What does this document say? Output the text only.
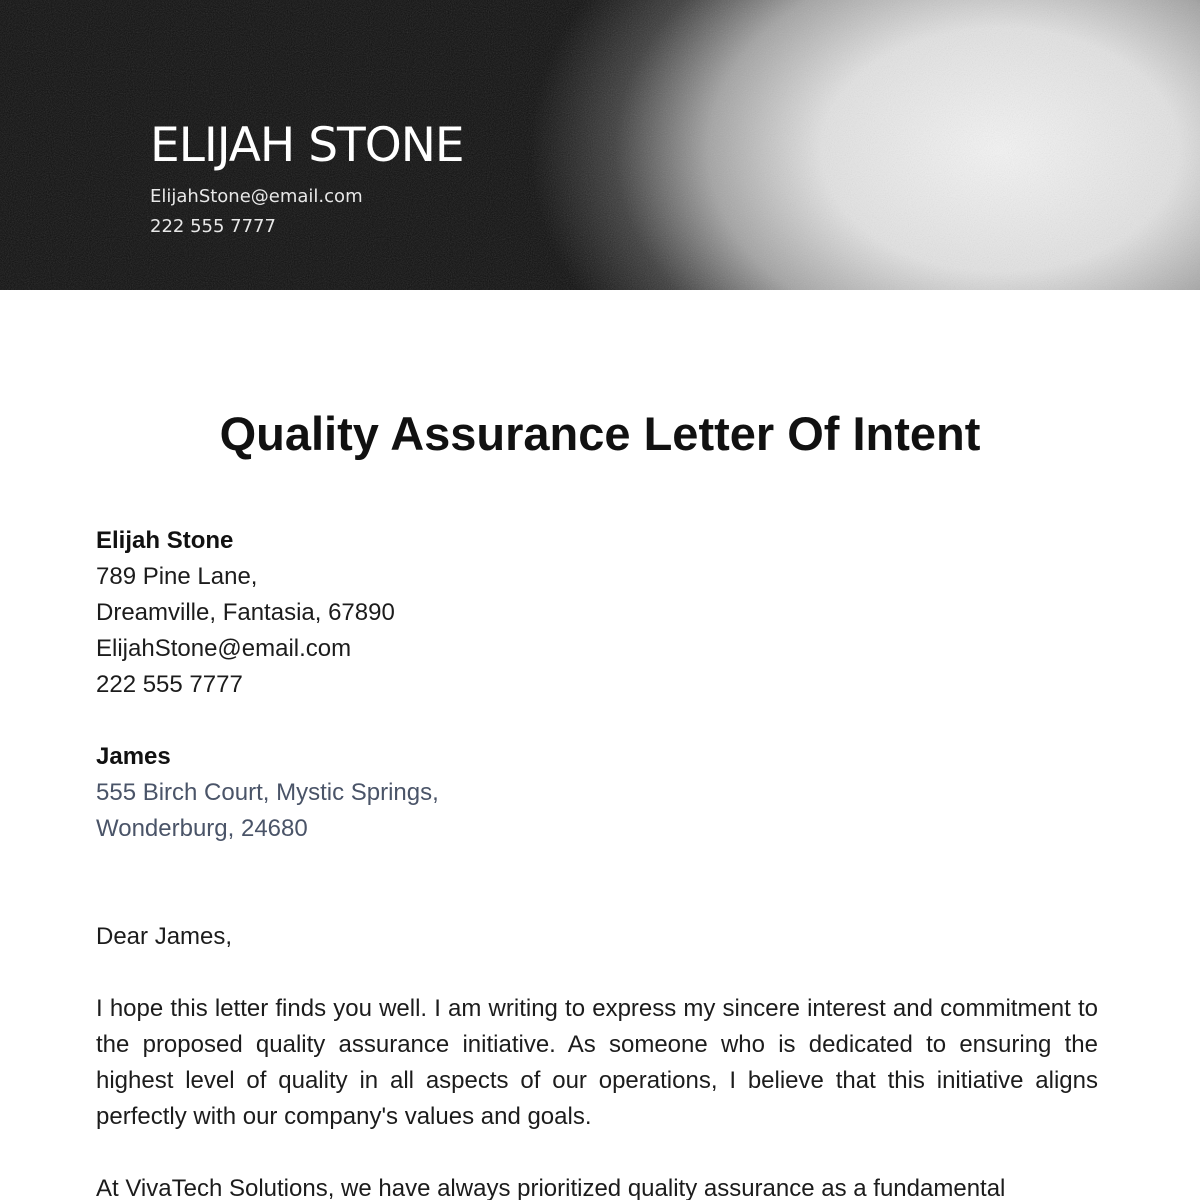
ELIJAH STONE
ElijahStone@email.com
222 555 7777
Quality Assurance Letter Of Intent
Elijah Stone
789 Pine Lane,
Dreamville, Fantasia, 67890
ElijahStone@email.com
222 555 7777
James
555 Birch Court, Mystic Springs,
Wonderburg, 24680

Dear James,

I hope this letter finds you well. I am writing to express my sincere interest and commitment to the proposed quality assurance initiative. As someone who is dedicated to ensuring the highest level of quality in all aspects of our operations, I believe that this initiative aligns perfectly with our company's values and goals.

At VivaTech Solutions, we have always prioritized quality assurance as a fundamental
